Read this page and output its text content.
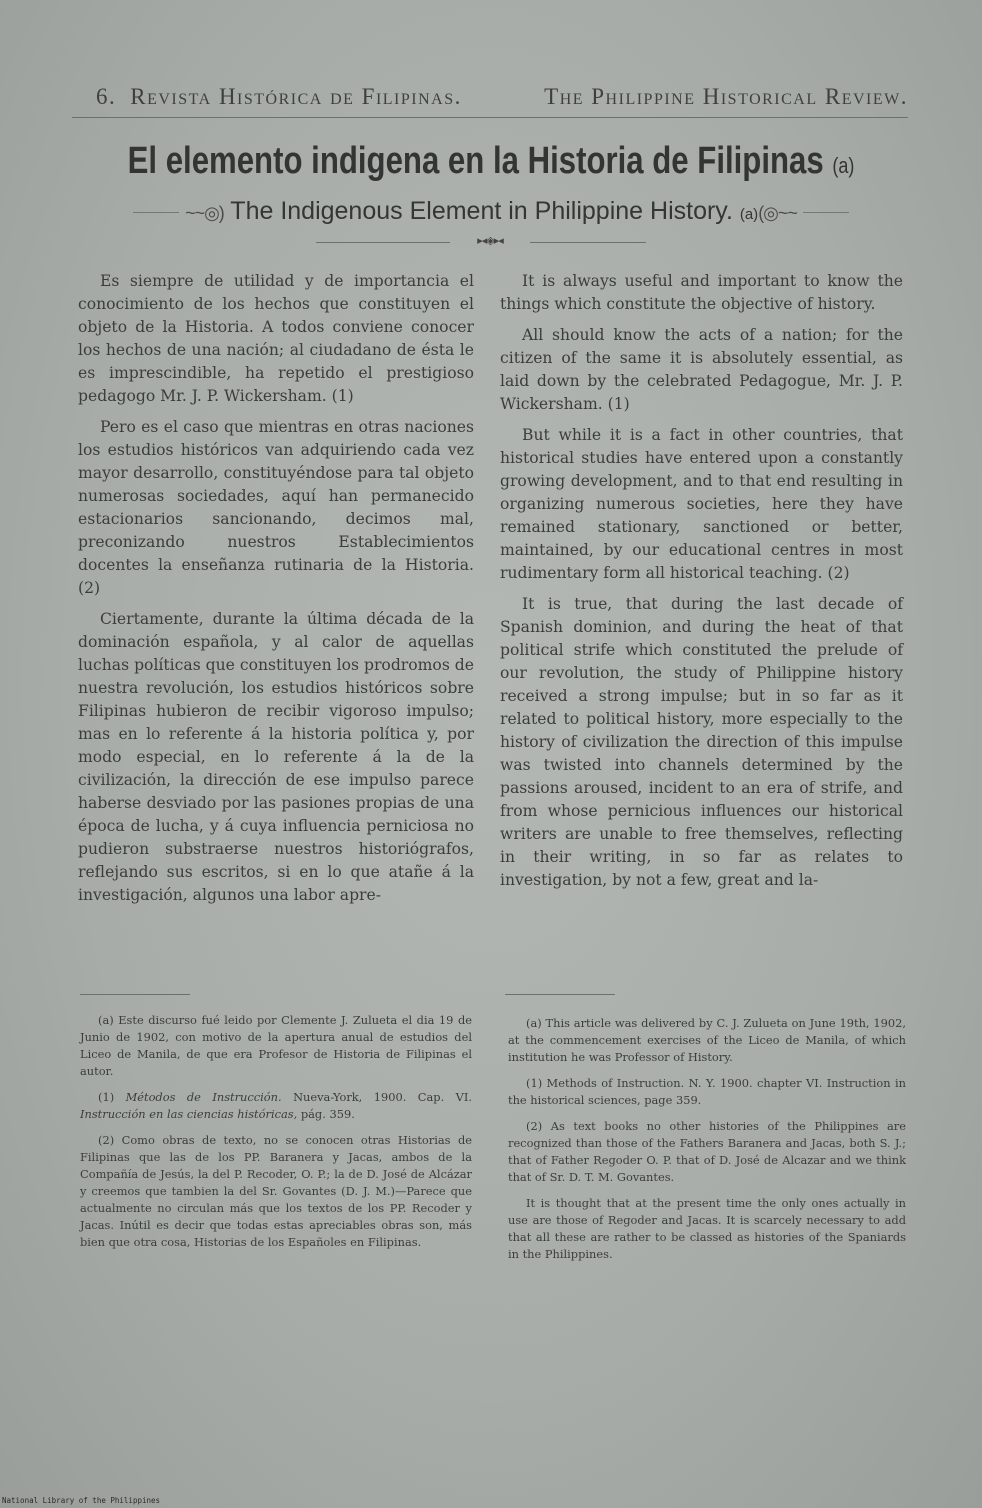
6. Revista Histórica de Filipinas.	The Philippine Historical Review.
El elemento indigena en la Historia de Filipinas (a)
~~◎) The Indigenous Element in Philippine History. (a)(◎~~
▸◂◈▸◂

Es siempre de utilidad y de importancia el conocimiento de los hechos que constituyen el objeto de la Historia. A todos conviene conocer los hechos de una nación; al ciudadano de ésta le es imprescindible, ha repetido el prestigioso pedagogo Mr. J. P. Wickersham. (1)

Pero es el caso que mientras en otras naciones los estudios históricos van adquiriendo cada vez mayor desarrollo, constituyéndose para tal objeto numerosas sociedades, aquí han permanecido estacionarios sancionando, decimos mal, preconizando nuestros Establecimientos docentes la enseñanza rutinaria de la Historia. (2)

Ciertamente, durante la última década de la dominación española, y al calor de aquellas luchas políticas que constituyen los prodromos de nuestra revolución, los estudios históricos sobre Filipinas hubieron de recibir vigoroso impulso; mas en lo referente á la historia política y, por modo especial, en lo referente á la de la civilización, la dirección de ese impulso parece haberse desviado por las pasiones propias de una época de lucha, y á cuya influencia perniciosa no pudieron substraerse nuestros historiógrafos, reflejando sus escritos, si en lo que atañe á la investigación, algunos una labor apre-

It is always useful and important to know the things which constitute the objective of history.

All should know the acts of a nation; for the citizen of the same it is absolutely essential, as laid down by the celebrated Pedagogue, Mr. J. P. Wickersham. (1)

But while it is a fact in other countries, that historical studies have entered upon a constantly growing development, and to that end resulting in organizing numerous societies, here they have remained stationary, sanctioned or better, maintained, by our educational centres in most rudimentary form all historical teaching. (2)

It is true, that during the last decade of Spanish dominion, and during the heat of that political strife which constituted the prelude of our revolution, the study of Philippine history received a strong impulse; but in so far as it related to political history, more especially to the history of civilization the direction of this impulse was twisted into channels determined by the passions aroused, incident to an era of strife, and from whose pernicious influences our historical writers are unable to free themselves, reflecting in their writing, in so far as relates to investigation, by not a few, great and la-

(a) Este discurso fué leido por Clemente J. Zulueta el dia 19 de Junio de 1902, con motivo de la apertura anual de estudios del Liceo de Manila, de que era Profesor de Historia de Filipinas el autor.

(1) Métodos de Instrucción. Nueva-York, 1900. Cap. VI. Instrucción en las ciencias históricas, pág. 359.

(2) Como obras de texto, no se conocen otras Historias de Filipinas que las de los PP. Baranera y Jacas, ambos de la Compañía de Jesús, la del P. Recoder, O. P.; la de D. José de Alcázar y creemos que tambien la del Sr. Govantes (D. J. M.)—Parece que actualmente no circulan más que los textos de los PP. Recoder y Jacas. Inútil es decir que todas estas apreciables obras son, más bien que otra cosa, Historias de los Españoles en Filipinas.

(a) This article was delivered by C. J. Zulueta on June 19th, 1902, at the commencement exercises of the Liceo de Manila, of which institution he was Professor of History.

(1) Methods of Instruction. N. Y. 1900. chapter VI. Instruction in the historical sciences, page 359.

(2) As text books no other histories of the Philippines are recognized than those of the Fathers Baranera and Jacas, both S. J.; that of Father Regoder O. P. that of D. José de Alcazar and we think that of Sr. D. T. M. Govantes.

It is thought that at the present time the only ones actually in use are those of Regoder and Jacas. It is scarcely necessary to add that all these are rather to be classed as histories of the Spaniards in the Philippines.

National Library of the Philippines
